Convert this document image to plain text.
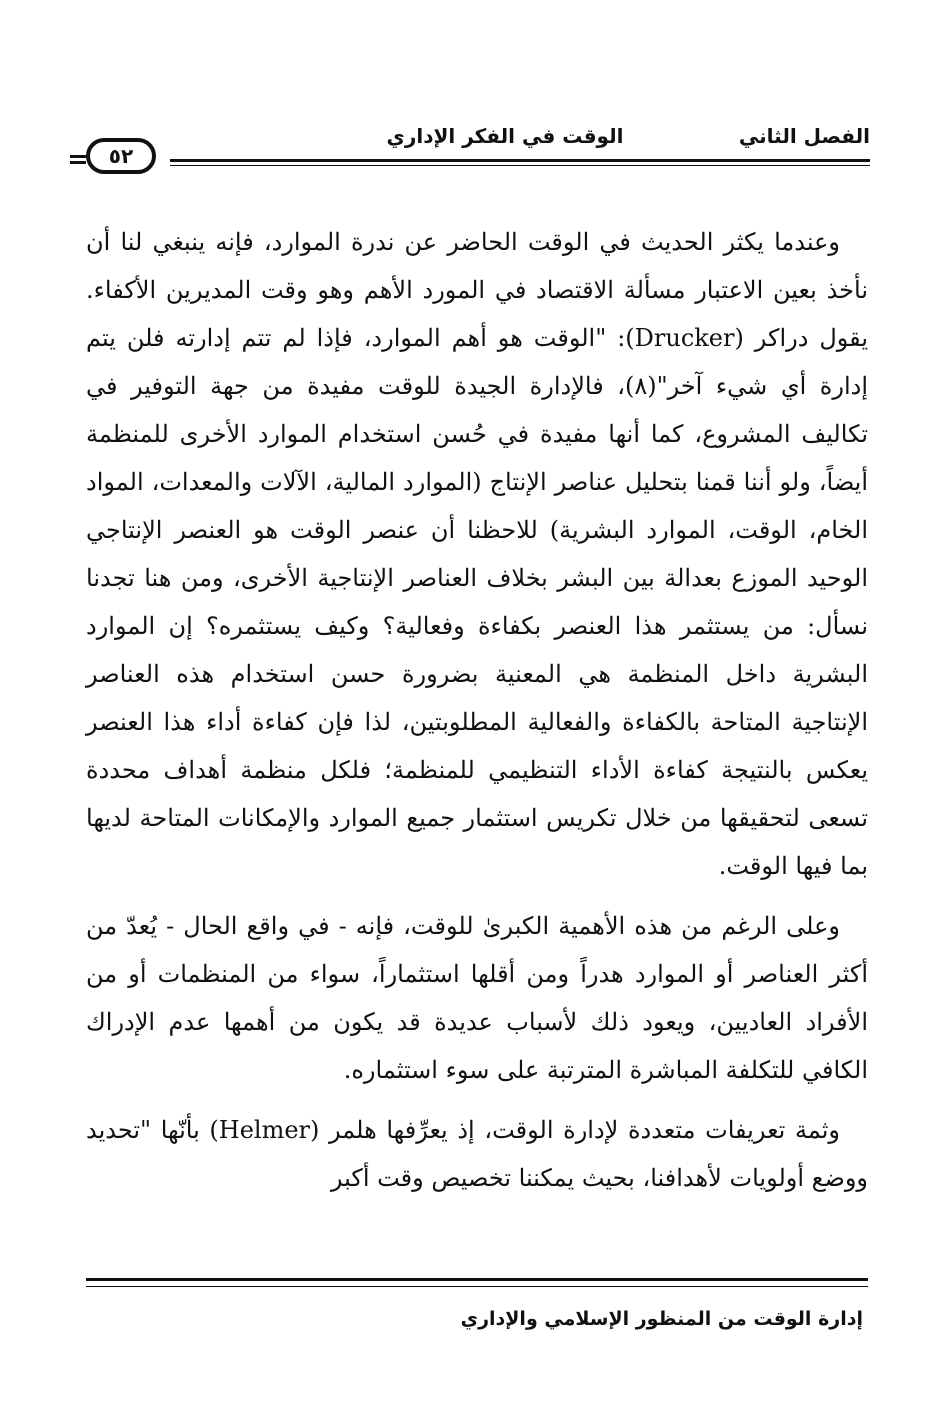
الفصل الثاني
الوقت في الفكر الإداري
٥٢

وعندما يكثر الحديث في الوقت الحاضر عن ندرة الموارد، فإنه ينبغي لنا أن نأخذ بعين الاعتبار مسألة الاقتصاد في المورد الأهم وهو وقت المديرين الأكفاء. يقول دراكر (Drucker): "الوقت هو أهم الموارد، فإذا لم تتم إدارته فلن يتم إدارة أي شيء آخر"(٨)، فالإدارة الجيدة للوقت مفيدة من جهة التوفير في تكاليف المشروع، كما أنها مفيدة في حُسن استخدام الموارد الأخرى للمنظمة أيضاً، ولو أننا قمنا بتحليل عناصر الإنتاج (الموارد المالية، الآلات والمعدات، المواد الخام، الوقت، الموارد البشرية) للاحظنا أن عنصر الوقت هو العنصر الإنتاجي الوحيد الموزع بعدالة بين البشر بخلاف العناصر الإنتاجية الأخرى، ومن هنا تجدنا نسأل: من يستثمر هذا العنصر بكفاءة وفعالية؟ وكيف يستثمره؟ إن الموارد البشرية داخل المنظمة هي المعنية بضرورة حسن استخدام هذه العناصر الإنتاجية المتاحة بالكفاءة والفعالية المطلوبتين، لذا فإن كفاءة أداء هذا العنصر يعكس بالنتيجة كفاءة الأداء التنظيمي للمنظمة؛ فلكل منظمة أهداف محددة تسعى لتحقيقها من خلال تكريس استثمار جميع الموارد والإمكانات المتاحة لديها بما فيها الوقت.

وعلى الرغم من هذه الأهمية الكبرىٰ للوقت، فإنه - في واقع الحال - يُعدّ من أكثر العناصر أو الموارد هدراً ومن أقلها استثماراً، سواء من المنظمات أو من الأفراد العاديين، ويعود ذلك لأسباب عديدة قد يكون من أهمها عدم الإدراك الكافي للتكلفة المباشرة المترتبة على سوء استثماره.

وثمة تعريفات متعددة لإدارة الوقت، إذ يعرِّفها هلمر (Helmer) بأنّها "تحديد ووضع أولويات لأهدافنا، بحيث يمكننا تخصيص وقت أكبر

إدارة الوقت من المنظور الإسلامي والإداري
